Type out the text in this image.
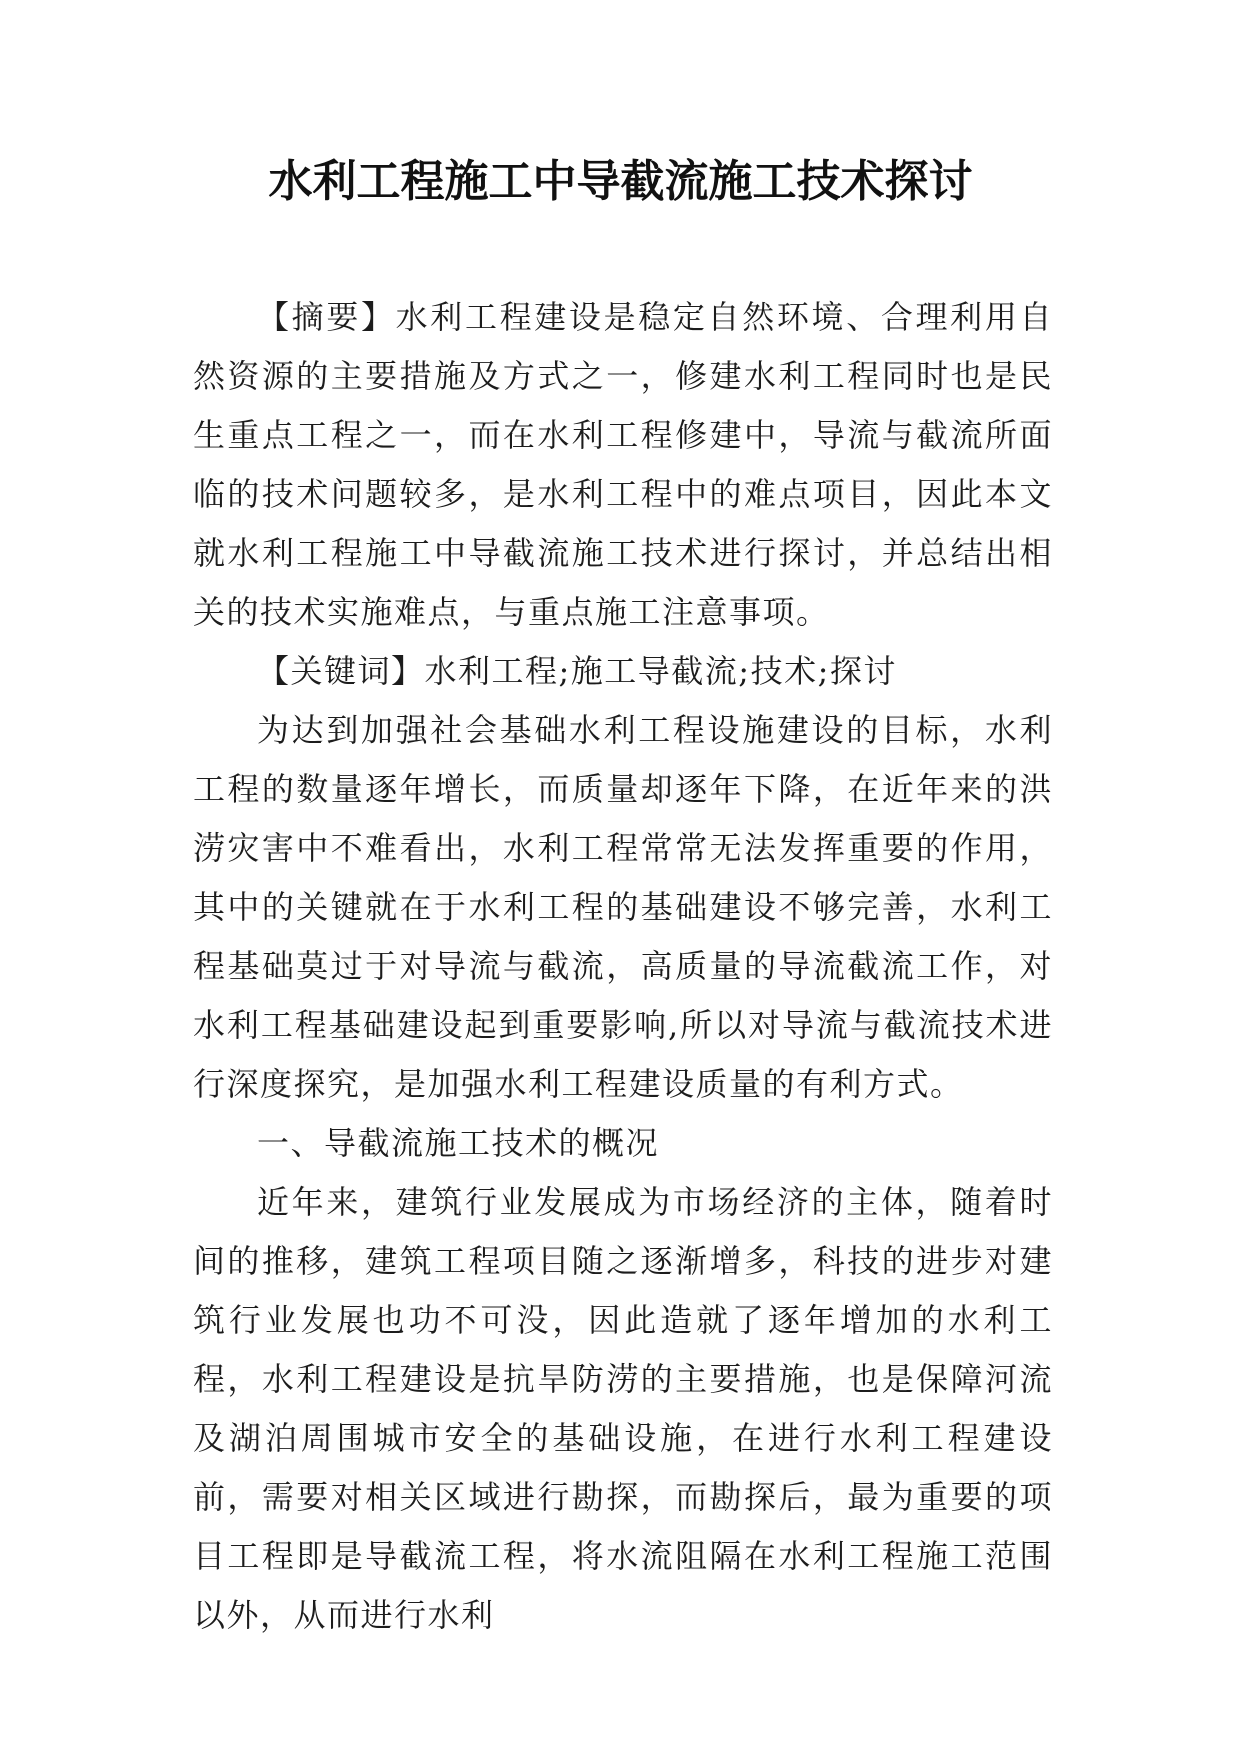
水利工程施工中导截流施工技术探讨

【摘要】水利工程建设是稳定自然环境、合理利用自然资源的主要措施及方式之一，修建水利工程同时也是民生重点工程之一，而在水利工程修建中，导流与截流所面临的技术问题较多，是水利工程中的难点项目，因此本文就水利工程施工中导截流施工技术进行探讨，并总结出相关的技术实施难点，与重点施工注意事项。

【关键词】水利工程;施工导截流;技术;探讨

为达到加强社会基础水利工程设施建设的目标，水利工程的数量逐年增长，而质量却逐年下降，在近年来的洪涝灾害中不难看出，水利工程常常无法发挥重要的作用，其中的关键就在于水利工程的基础建设不够完善，水利工程基础莫过于对导流与截流，高质量的导流截流工作，对水利工程基础建设起到重要影响,所以对导流与截流技术进行深度探究，是加强水利工程建设质量的有利方式。

一、导截流施工技术的概况

近年来，建筑行业发展成为市场经济的主体，随着时间的推移，建筑工程项目随之逐渐增多，科技的进步对建筑行业发展也功不可没，因此造就了逐年增加的水利工程，水利工程建设是抗旱防涝的主要措施，也是保障河流及湖泊周围城市安全的基础设施，在进行水利工程建设前，需要对相关区域进行勘探，而勘探后，最为重要的项目工程即是导截流工程，将水流阻隔在水利工程施工范围以外，从而进行水利
